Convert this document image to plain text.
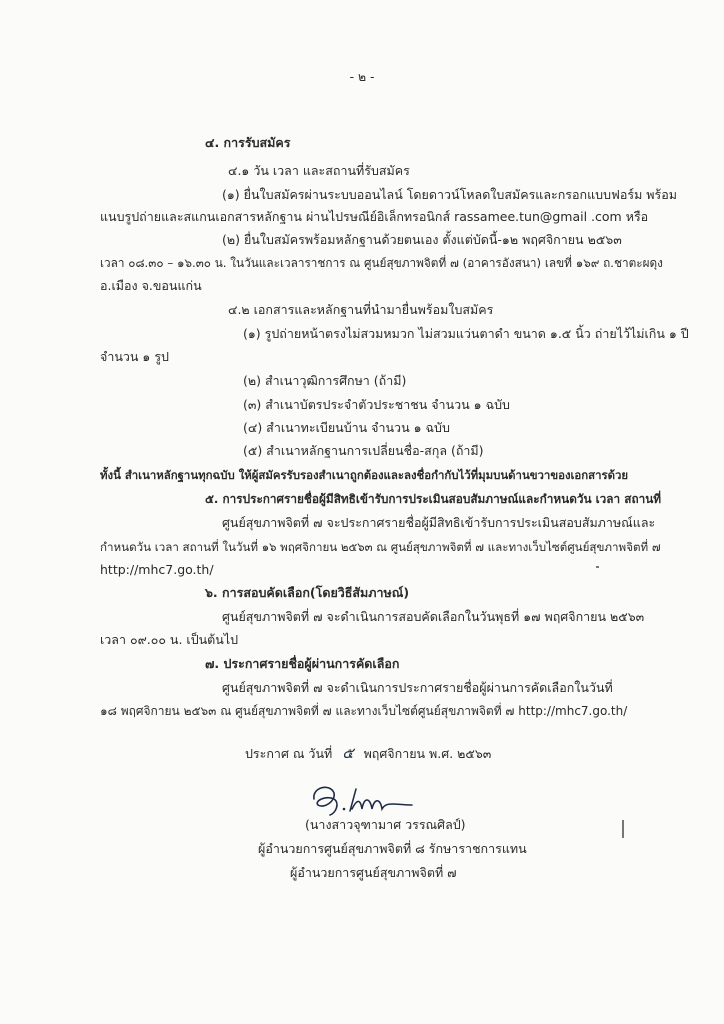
- ๒ -

๔. การรับสมัคร

๔.๑ วัน เวลา และสถานที่รับสมัคร

(๑) ยื่นใบสมัครผ่านระบบออนไลน์ โดยดาวน์โหลดใบสมัครและกรอกแบบฟอร์ม พร้อม

แนบรูปถ่ายและสแกนเอกสารหลักฐาน ผ่านไปรษณีย์อิเล็กทรอนิกส์ rassamee.tun@gmail .com หรือ

(๒) ยื่นใบสมัครพร้อมหลักฐานด้วยตนเอง ตั้งแต่บัดนี้-๑๒ พฤศจิกายน ๒๕๖๓

เวลา ๐๘.๓๐ – ๑๖.๓๐ น. ในวันและเวลาราชการ ณ ศูนย์สุขภาพจิตที่ ๗ (อาคารอังสนา) เลขที่ ๑๖๙ ถ.ชาตะผดุง

อ.เมือง จ.ขอนแก่น

๔.๒ เอกสารและหลักฐานที่นำมายื่นพร้อมใบสมัคร

(๑) รูปถ่ายหน้าตรงไม่สวมหมวก ไม่สวมแว่นตาดำ ขนาด ๑.๕ นิ้ว ถ่ายไว้ไม่เกิน ๑ ปี

จำนวน ๑ รูป

(๒) สำเนาวุฒิการศึกษา (ถ้ามี)

(๓) สำเนาบัตรประจำตัวประชาชน จำนวน ๑ ฉบับ

(๔) สำเนาทะเบียนบ้าน จำนวน ๑ ฉบับ

(๕) สำเนาหลักฐานการเปลี่ยนชื่อ-สกุล (ถ้ามี)

ทั้งนี้ สำเนาหลักฐานทุกฉบับ ให้ผู้สมัครรับรองสำเนาถูกต้องและลงชื่อกำกับไว้ที่มุมบนด้านขวาของเอกสารด้วย

๕. การประกาศรายชื่อผู้มีสิทธิเข้ารับการประเมินสอบสัมภาษณ์และกำหนดวัน เวลา สถานที่

ศูนย์สุขภาพจิตที่ ๗ จะประกาศรายชื่อผู้มีสิทธิเข้ารับการประเมินสอบสัมภาษณ์และ

กำหนดวัน เวลา สถานที่ ในวันที่ ๑๖ พฤศจิกายน ๒๕๖๓ ณ ศูนย์สุขภาพจิตที่ ๗ และทางเว็บไซต์ศูนย์สุขภาพจิตที่ ๗

http://mhc7.go.th/

๖. การสอบคัดเลือก(โดยวิธีสัมภาษณ์)

ศูนย์สุขภาพจิตที่ ๗ จะดำเนินการสอบคัดเลือกในวันพุธที่ ๑๗ พฤศจิกายน ๒๕๖๓

เวลา ๐๙.๐๐ น. เป็นต้นไป

๗. ประกาศรายชื่อผู้ผ่านการคัดเลือก

ศูนย์สุขภาพจิตที่ ๗ จะดำเนินการประกาศรายชื่อผู้ผ่านการคัดเลือกในวันที่

๑๘ พฤศจิกายน ๒๕๖๓ ณ ศูนย์สุขภาพจิตที่ ๗ และทางเว็บไซต์ศูนย์สุขภาพจิตที่ ๗ http://mhc7.go.th/

ประกาศ ณ วันที่ ๕ พฤศจิกายน พ.ศ. ๒๕๖๓

(นางสาวจุฑามาศ วรรณศิลป์)

ผู้อำนวยการศูนย์สุขภาพจิตที่ ๘ รักษาราชการแทน

ผู้อำนวยการศูนย์สุขภาพจิตที่ ๗
